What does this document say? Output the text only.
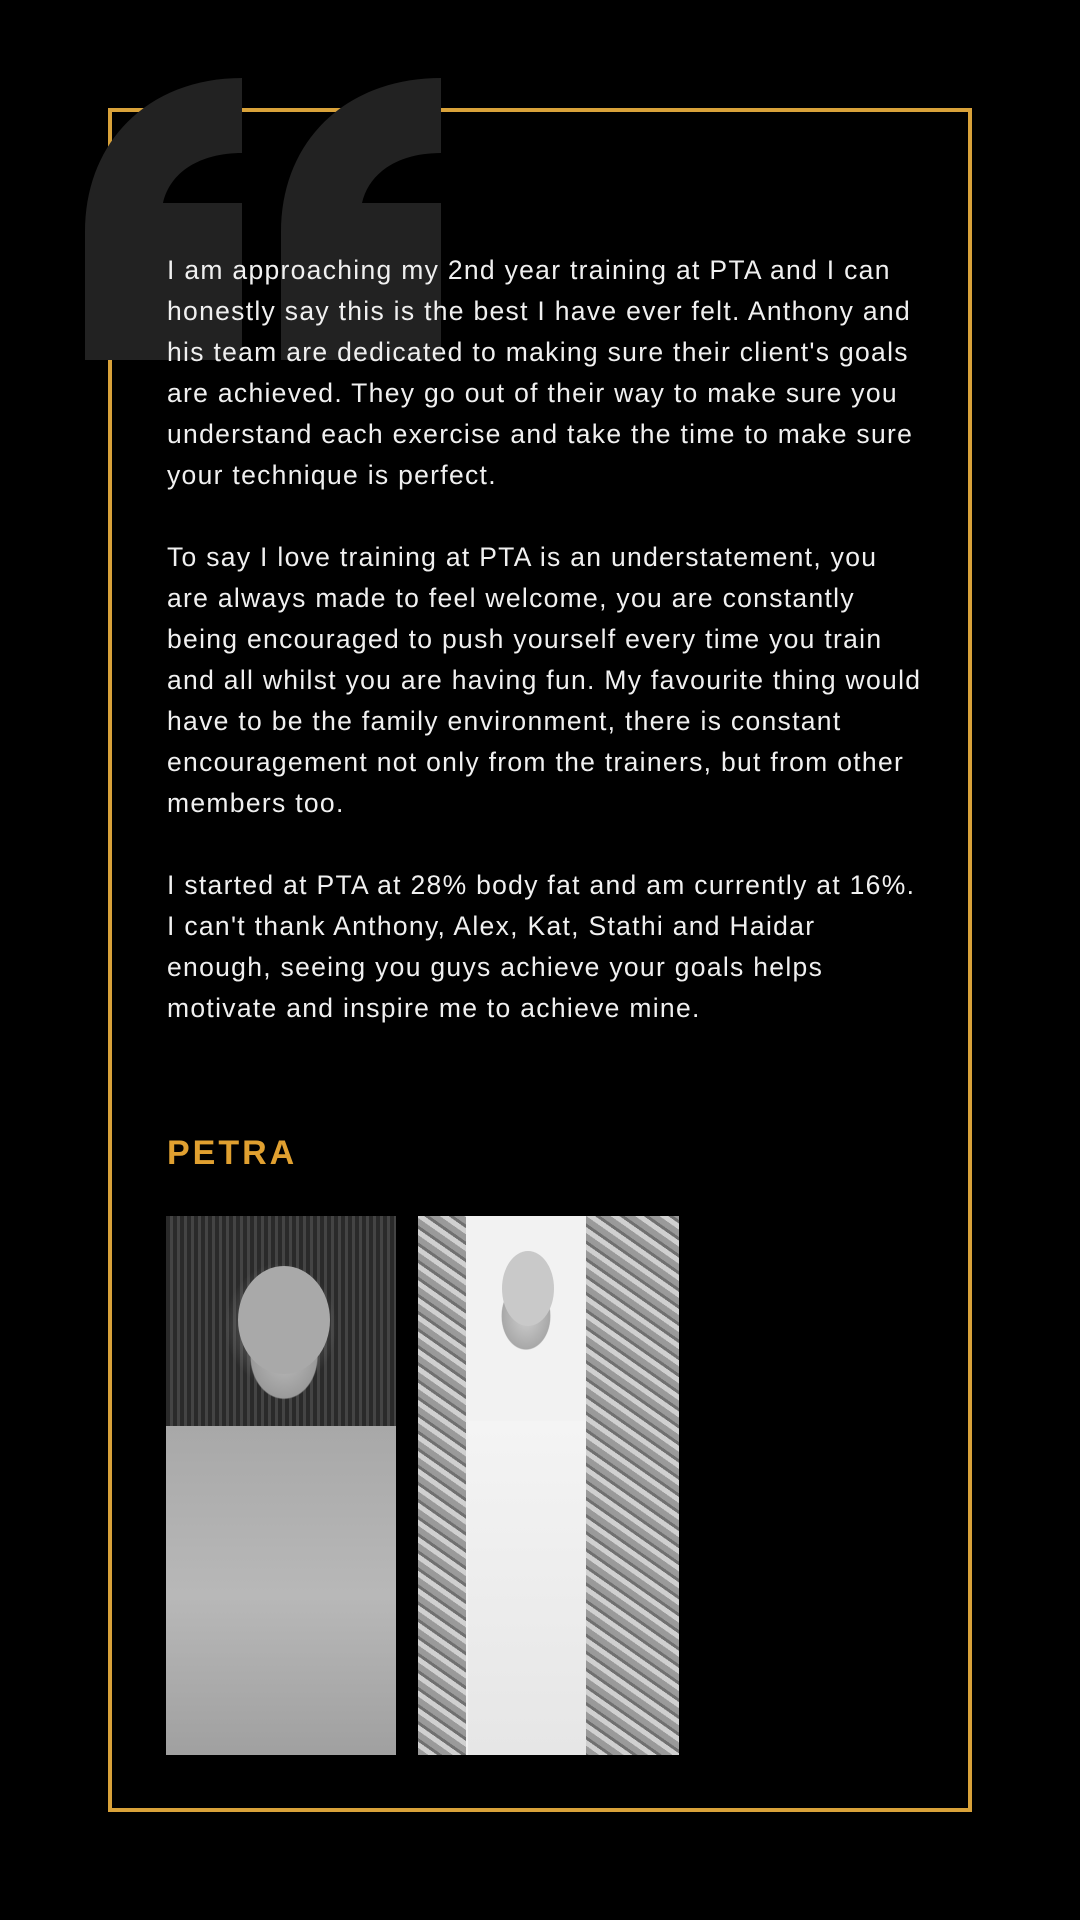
I am approaching my 2nd year training at PTA and I can honestly say this is the best I have ever felt. Anthony and his team are dedicated to making sure their client's goals are achieved. They go out of their way to make sure you understand each exercise and take the time to make sure your technique is perfect.

To say I love training at PTA is an understatement, you are always made to feel welcome, you are constantly being encouraged to push yourself every time you train and all whilst you are having fun. My favourite thing would have to be the family environment, there is constant encouragement not only from the trainers, but from other members too.

I started at PTA at 28% body fat and am currently at 16%. I can't thank Anthony, Alex, Kat, Stathi and Haidar enough, seeing you guys achieve your goals helps motivate and inspire me to achieve mine.

PETRA
